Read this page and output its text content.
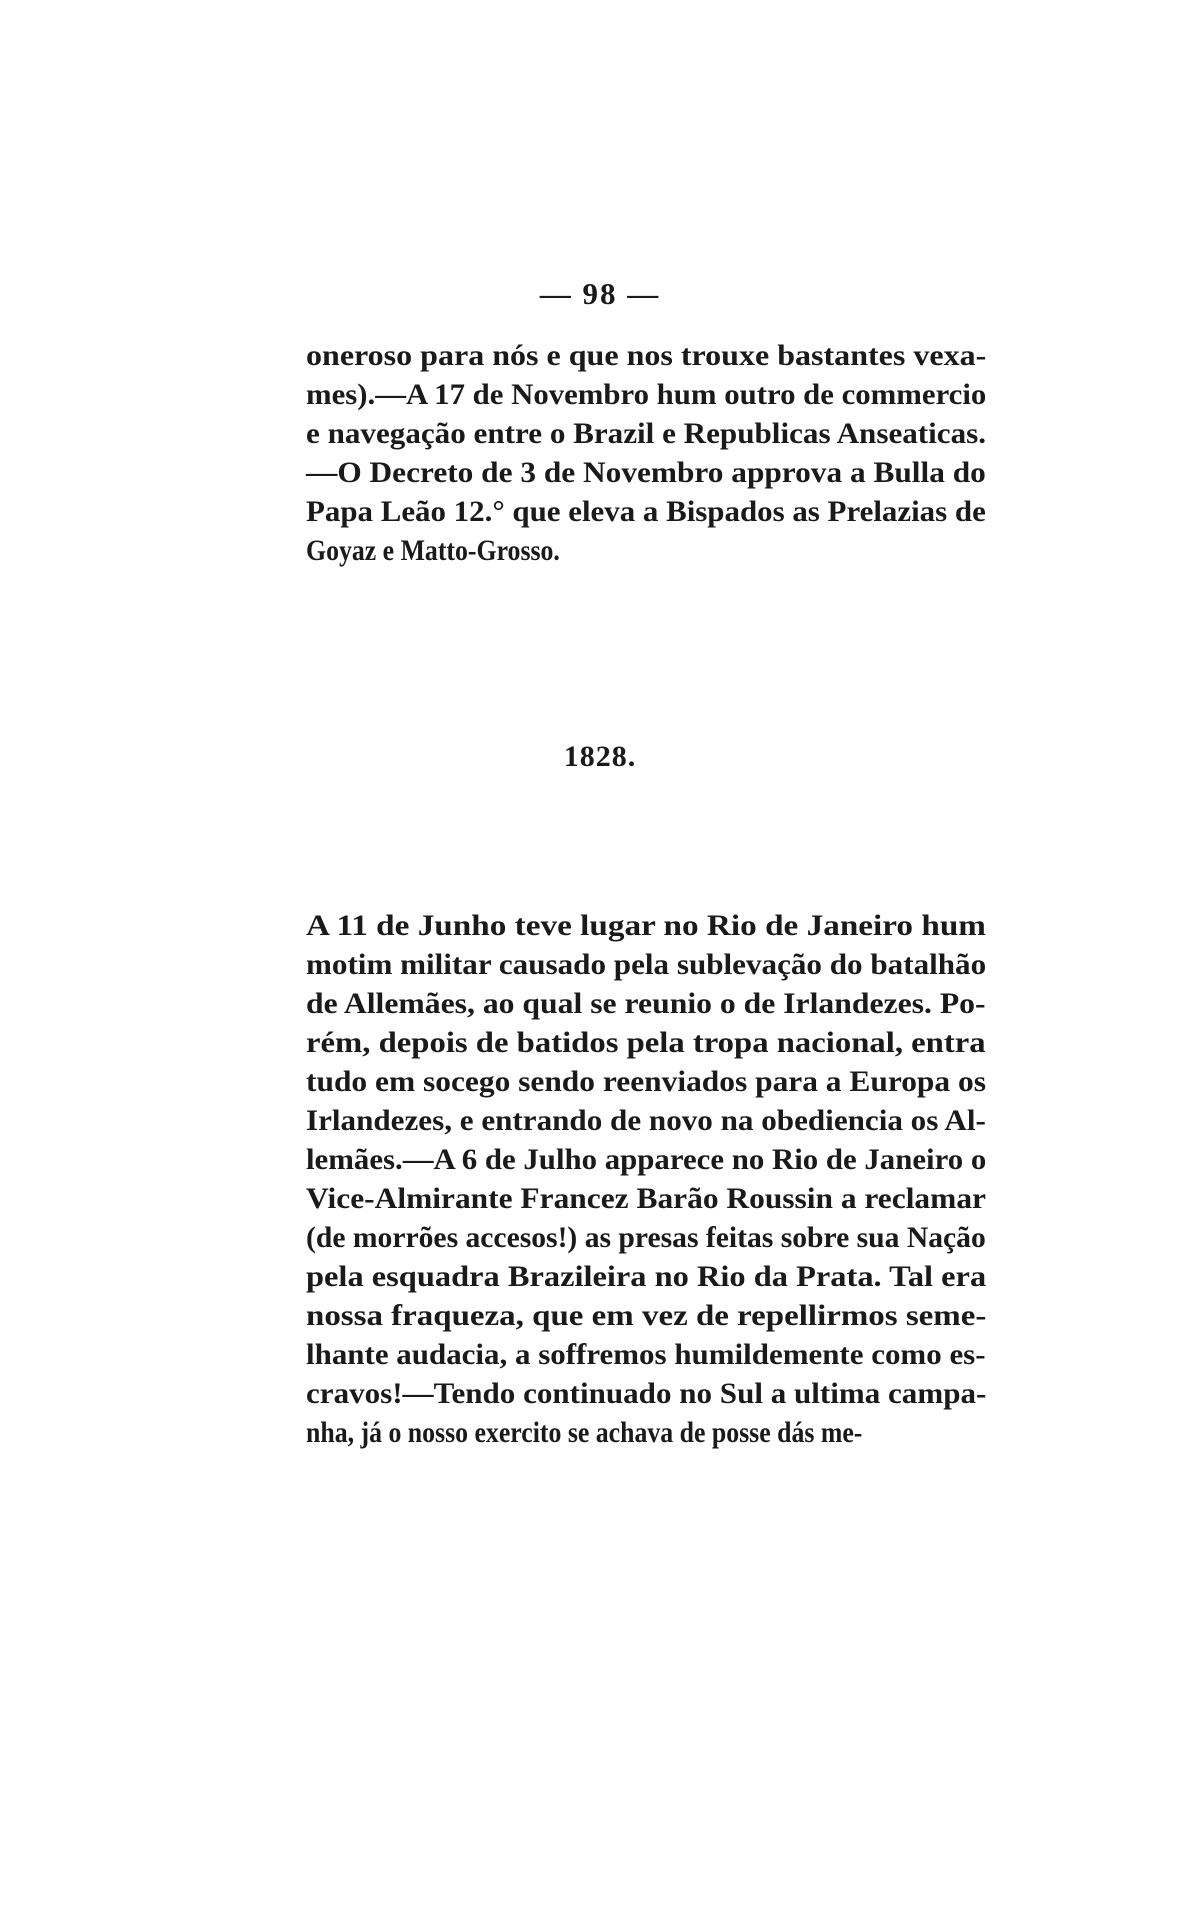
— 98 —
oneroso para nós e que nos trouxe bastantes vexa-
mes).—A 17 de Novembro hum outro de commercio
e navegação entre o Brazil e Republicas Anseaticas.
—O Decreto de 3 de Novembro approva a Bulla do
Papa Leão 12.° que eleva a Bispados as Prelazias de
Goyaz e Matto-Grosso.
1828.
A 11 de Junho teve lugar no Rio de Janeiro hum
motim militar causado pela sublevação do batalhão
de Allemães, ao qual se reunio o de Irlandezes. Po-
rém, depois de batidos pela tropa nacional, entra
tudo em socego sendo reenviados para a Europa os
Irlandezes, e entrando de novo na obediencia os Al-
lemães.—A 6 de Julho apparece no Rio de Janeiro o
Vice-Almirante Francez Barão Roussin a reclamar
(de morrões accesos!) as presas feitas sobre sua Nação
pela esquadra Brazileira no Rio da Prata. Tal era
nossa fraqueza, que em vez de repellirmos seme-
lhante audacia, a soffremos humildemente como es-
cravos!—Tendo continuado no Sul a ultima campa-
nha, já o nosso exercito se achava de posse dás me-
